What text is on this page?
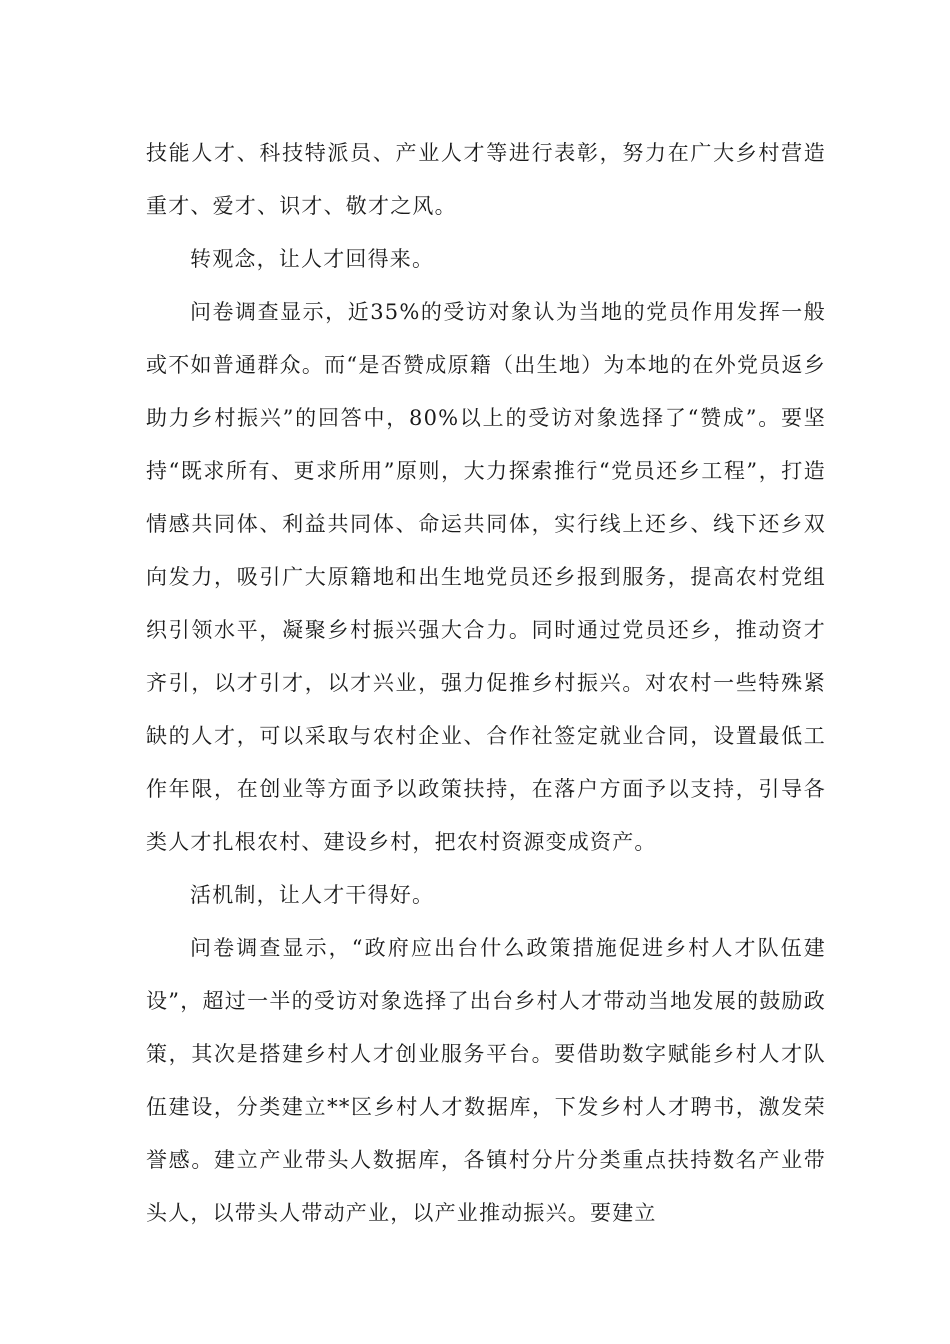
技能人才、科技特派员、产业人才等进行表彰，努力在广大乡村营造重才、爱才、识才、敬才之风。

转观念，让人才回得来。

问卷调查显示，近35%的受访对象认为当地的党员作用发挥一般或不如普通群众。而“是否赞成原籍（出生地）为本地的在外党员返乡助力乡村振兴”的回答中，80%以上的受访对象选择了“赞成”。要坚持“既求所有、更求所用”原则，大力探索推行“党员还乡工程”，打造情感共同体、利益共同体、命运共同体，实行线上还乡、线下还乡双向发力，吸引广大原籍地和出生地党员还乡报到服务，提高农村党组织引领水平，凝聚乡村振兴强大合力。同时通过党员还乡，推动资才齐引，以才引才，以才兴业，强力促推乡村振兴。对农村一些特殊紧缺的人才，可以采取与农村企业、合作社签定就业合同，设置最低工作年限，在创业等方面予以政策扶持，在落户方面予以支持，引导各类人才扎根农村、建设乡村，把农村资源变成资产。

活机制，让人才干得好。

问卷调查显示，“政府应出台什么政策措施促进乡村人才队伍建设”，超过一半的受访对象选择了出台乡村人才带动当地发展的鼓励政策，其次是搭建乡村人才创业服务平台。要借助数字赋能乡村人才队伍建设，分类建立**区乡村人才数据库，下发乡村人才聘书，激发荣誉感。建立产业带头人数据库，各镇村分片分类重点扶持数名产业带头人，以带头人带动产业，以产业推动振兴。要建立
